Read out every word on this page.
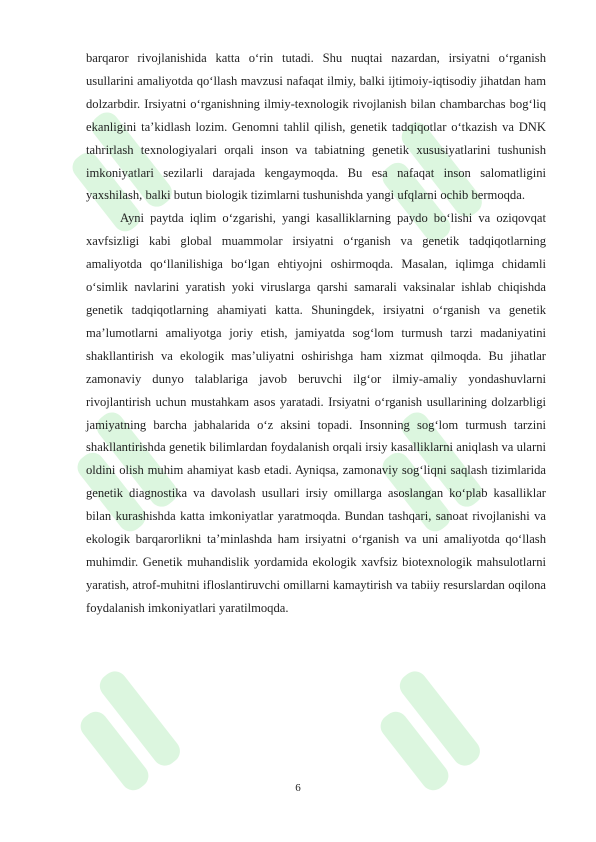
barqaror rivojlanishida katta o‘rin tutadi. Shu nuqtai nazardan, irsiyatni o‘rganish usullarini amaliyotda qo‘llash mavzusi nafaqat ilmiy, balki ijtimoiy-iqtisodiy jihatdan ham dolzarbdir. Irsiyatni o‘rganishning ilmiy-texnologik rivojlanish bilan chambarchas bog‘liq ekanligini ta’kidlash lozim. Genomni tahlil qilish, genetik tadqiqotlar o‘tkazish va DNK tahrirlash texnologiyalari orqali inson va tabiatning genetik xususiyatlarini tushunish imkoniyatlari sezilarli darajada kengaymoqda. Bu esa nafaqat inson salomatligini yaxshilash, balki butun biologik tizimlarni tushunishda yangi ufqlarni ochib bermoqda.

Ayni paytda iqlim o‘zgarishi, yangi kasalliklarning paydo bo‘lishi va oziqovqat xavfsizligi kabi global muammolar irsiyatni o‘rganish va genetik tadqiqotlarning amaliyotda qo‘llanilishiga bo‘lgan ehtiyojni oshirmoqda. Masalan, iqlimga chidamli o‘simlik navlarini yaratish yoki viruslarga qarshi samarali vaksinalar ishlab chiqishda genetik tadqiqotlarning ahamiyati katta. Shuningdek, irsiyatni o‘rganish va genetik ma’lumotlarni amaliyotga joriy etish, jamiyatda sog‘lom turmush tarzi madaniyatini shakllantirish va ekologik mas’uliyatni oshirishga ham xizmat qilmoqda. Bu jihatlar zamonaviy dunyo talablariga javob beruvchi ilg‘or ilmiy-amaliy yondashuvlarni rivojlantirish uchun mustahkam asos yaratadi. Irsiyatni o‘rganish usullarining dolzarbligi jamiyatning barcha jabhalarida o‘z aksini topadi. Insonning sog‘lom turmush tarzini shakllantirishda genetik bilimlardan foydalanish orqali irsiy kasalliklarni aniqlash va ularni oldini olish muhim ahamiyat kasb etadi. Ayniqsa, zamonaviy sog‘liqni saqlash tizimlarida genetik diagnostika va davolash usullari irsiy omillarga asoslangan ko‘plab kasalliklar bilan kurashishda katta imkoniyatlar yaratmoqda. Bundan tashqari, sanoat rivojlanishi va ekologik barqarorlikni ta’minlashda ham irsiyatni o‘rganish va uni amaliyotda qo‘llash muhimdir. Genetik muhandislik yordamida ekologik xavfsiz biotexnologik mahsulotlarni yaratish, atrof-muhitni ifloslantiruvchi omillarni kamaytirish va tabiiy resurslardan oqilona foydalanish imkoniyatlari yaratilmoqda.

6
